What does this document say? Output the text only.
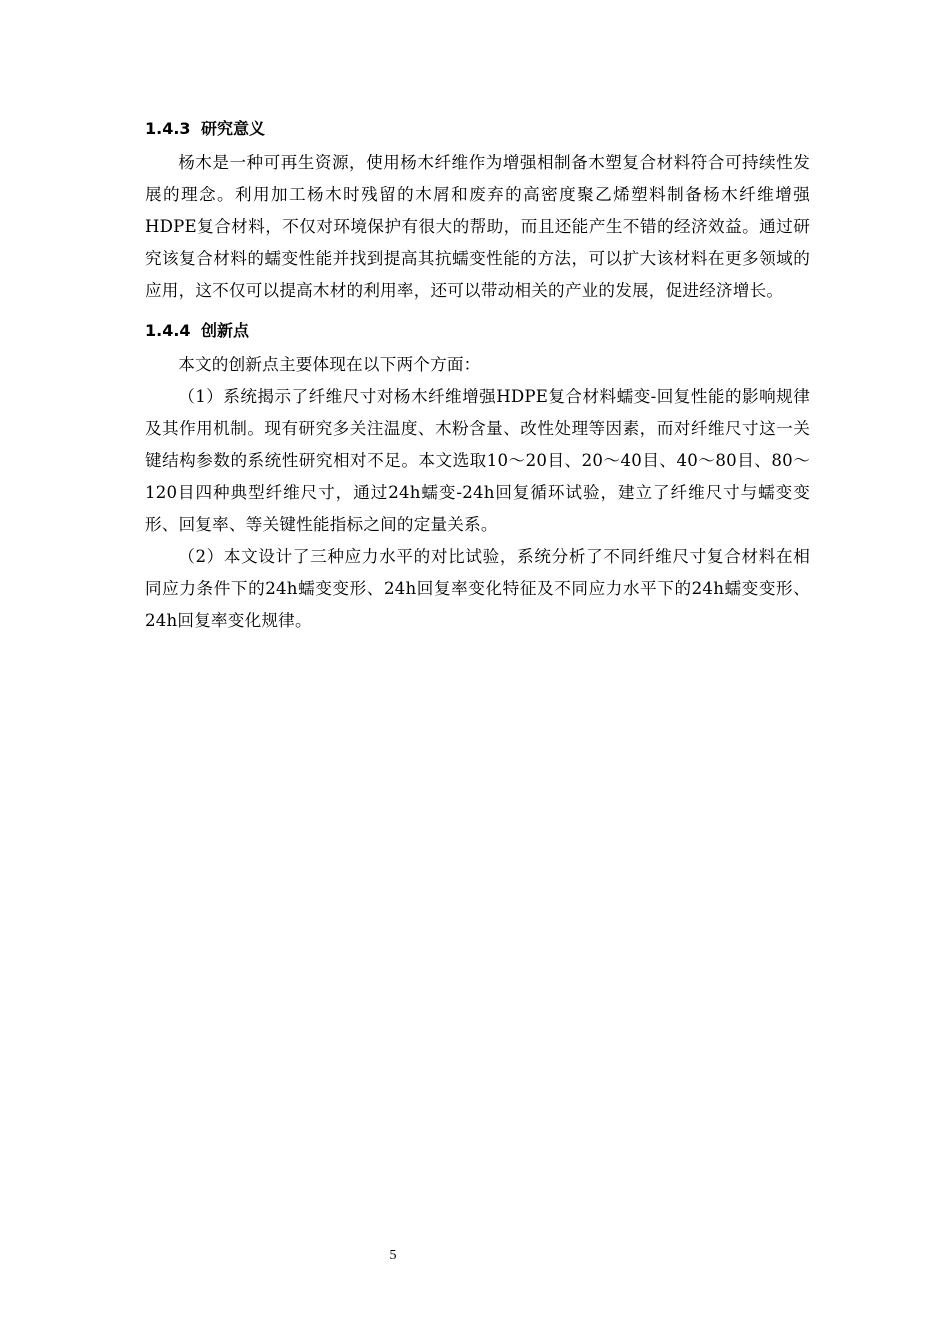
1.4.3 研究意义

杨木是一种可再生资源，使用杨木纤维作为增强相制备木塑复合材料符合可持续性发展的理念。利用加工杨木时残留的木屑和废弃的高密度聚乙烯塑料制备杨木纤维增强HDPE复合材料，不仅对环境保护有很大的帮助，而且还能产生不错的经济效益。通过研究该复合材料的蠕变性能并找到提高其抗蠕变性能的方法，可以扩大该材料在更多领域的应用，这不仅可以提高木材的利用率，还可以带动相关的产业的发展，促进经济增长。

1.4.4 创新点

本文的创新点主要体现在以下两个方面：

（1）系统揭示了纤维尺寸对杨木纤维增强HDPE复合材料蠕变-回复性能的影响规律及其作用机制。现有研究多关注温度、木粉含量、改性处理等因素，而对纤维尺寸这一关键结构参数的系统性研究相对不足。本文选取10～20目、20～40目、40～80目、80～120目四种典型纤维尺寸，通过24h蠕变-24h回复循环试验，建立了纤维尺寸与蠕变变形、回复率、等关键性能指标之间的定量关系。

（2）本文设计了三种应力水平的对比试验，系统分析了不同纤维尺寸复合材料在相同应力条件下的24h蠕变变形、24h回复率变化特征及不同应力水平下的24h蠕变变形、24h回复率变化规律。

5
